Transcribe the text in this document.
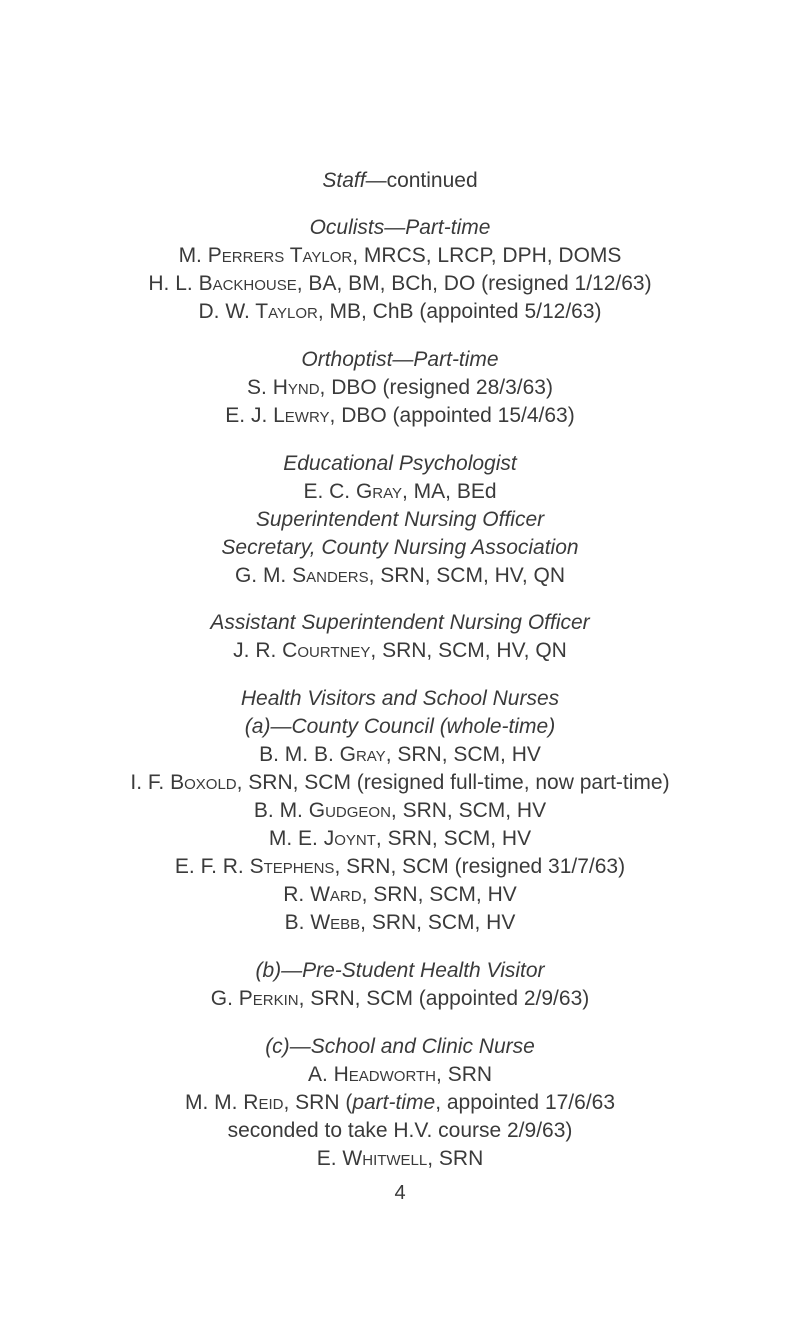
Staff—continued
Oculists—Part-time
M. Perrers Taylor, MRCS, LRCP, DPH, DOMS
H. L. Backhouse, BA, BM, BCh, DO (resigned 1/12/63)
D. W. Taylor, MB, ChB (appointed 5/12/63)
Orthoptist—Part-time
S. Hynd, DBO (resigned 28/3/63)
E. J. Lewry, DBO (appointed 15/4/63)
Educational Psychologist
E. C. Gray, MA, BEd
Superintendent Nursing Officer
Secretary, County Nursing Association
G. M. Sanders, SRN, SCM, HV, QN
Assistant Superintendent Nursing Officer
J. R. Courtney, SRN, SCM, HV, QN
Health Visitors and School Nurses
(a)—County Council (whole-time)
B. M. B. Gray, SRN, SCM, HV
I. F. Boxold, SRN, SCM (resigned full-time, now part-time)
B. M. Gudgeon, SRN, SCM, HV
M. E. Joynt, SRN, SCM, HV
E. F. R. Stephens, SRN, SCM (resigned 31/7/63)
R. Ward, SRN, SCM, HV
B. Webb, SRN, SCM, HV
(b)—Pre-Student Health Visitor
G. Perkin, SRN, SCM (appointed 2/9/63)
(c)—School and Clinic Nurse
A. Headworth, SRN
M. M. Reid, SRN (part-time, appointed 17/6/63
seconded to take H.V. course 2/9/63)
E. Whitwell, SRN
4
